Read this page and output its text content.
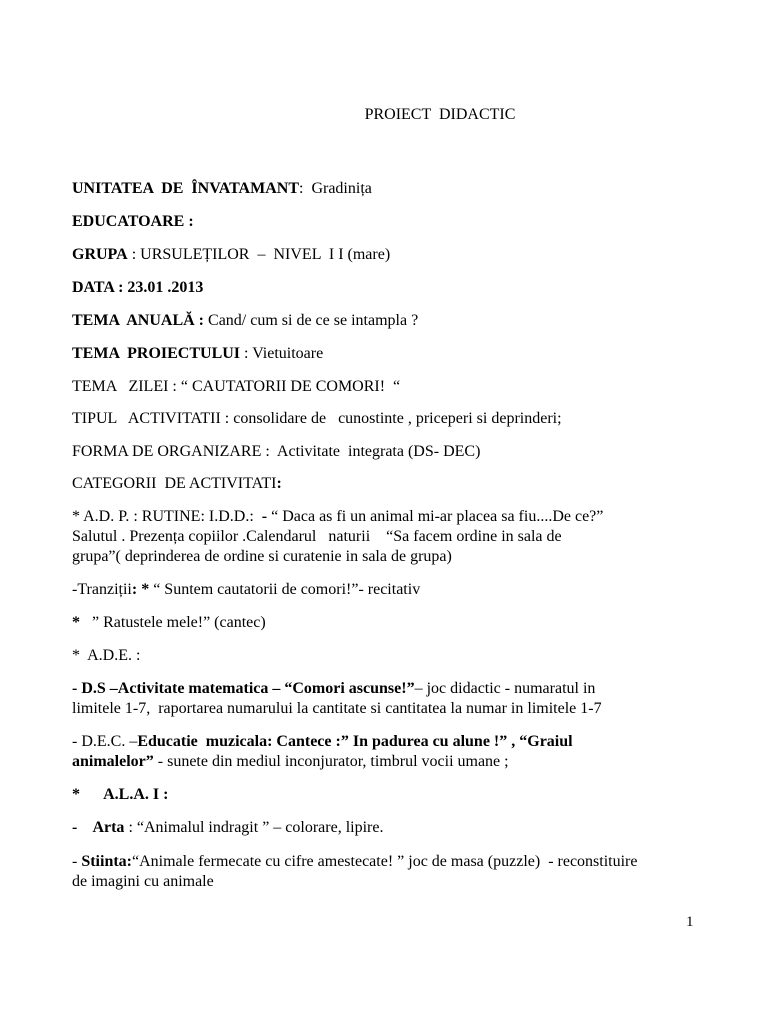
PROIECT  DIDACTIC
UNITATEA  DE  ÎNVATAMANT:  Gradinița
EDUCATOARE :
GRUPA : URSULEȚILOR  –  NIVEL  I I (mare)
DATA : 23.01 .2013
TEMA  ANUALĂ : Cand/ cum si de ce se intampla ?
TEMA  PROIECTULUI : Vietuitoare
TEMA   ZILEI : “ CAUTATORII DE COMORI!  “
TIPUL   ACTIVITATII : consolidare de   cunostinte , priceperi si deprinderi;
FORMA DE ORGANIZARE :  Activitate  integrata (DS- DEC)
CATEGORII  DE ACTIVITATI:
* A.D. P. : RUTINE: I.D.D.:  - “ Daca as fi un animal mi-ar placea sa fiu....De ce?”
Salutul . Prezența copiilor .Calendarul   naturii    “Sa facem ordine in sala de
grupa”( deprinderea de ordine si curatenie in sala de grupa)
-Tranziții: * “ Suntem cautatorii de comori!”- recitativ
*   ” Ratustele mele!” (cantec)
*  A.D.E. :
- D.S –Activitate matematica – “Comori ascunse!”– joc didactic - numaratul in
limitele 1-7,  raportarea numarului la cantitate si cantitatea la numar in limitele 1-7
- D.E.C. –Educatie  muzicala: Cantece :” In padurea cu alune !” , “Graiul
animalelor” - sunete din mediul inconjurator, timbrul vocii umane ;
*      A.L.A. I :
-    Arta : “Animalul indragit ” – colorare, lipire.
- Stiinta:“Animale fermecate cu cifre amestecate! ” joc de masa (puzzle)  - reconstituire
de imagini cu animale
1
